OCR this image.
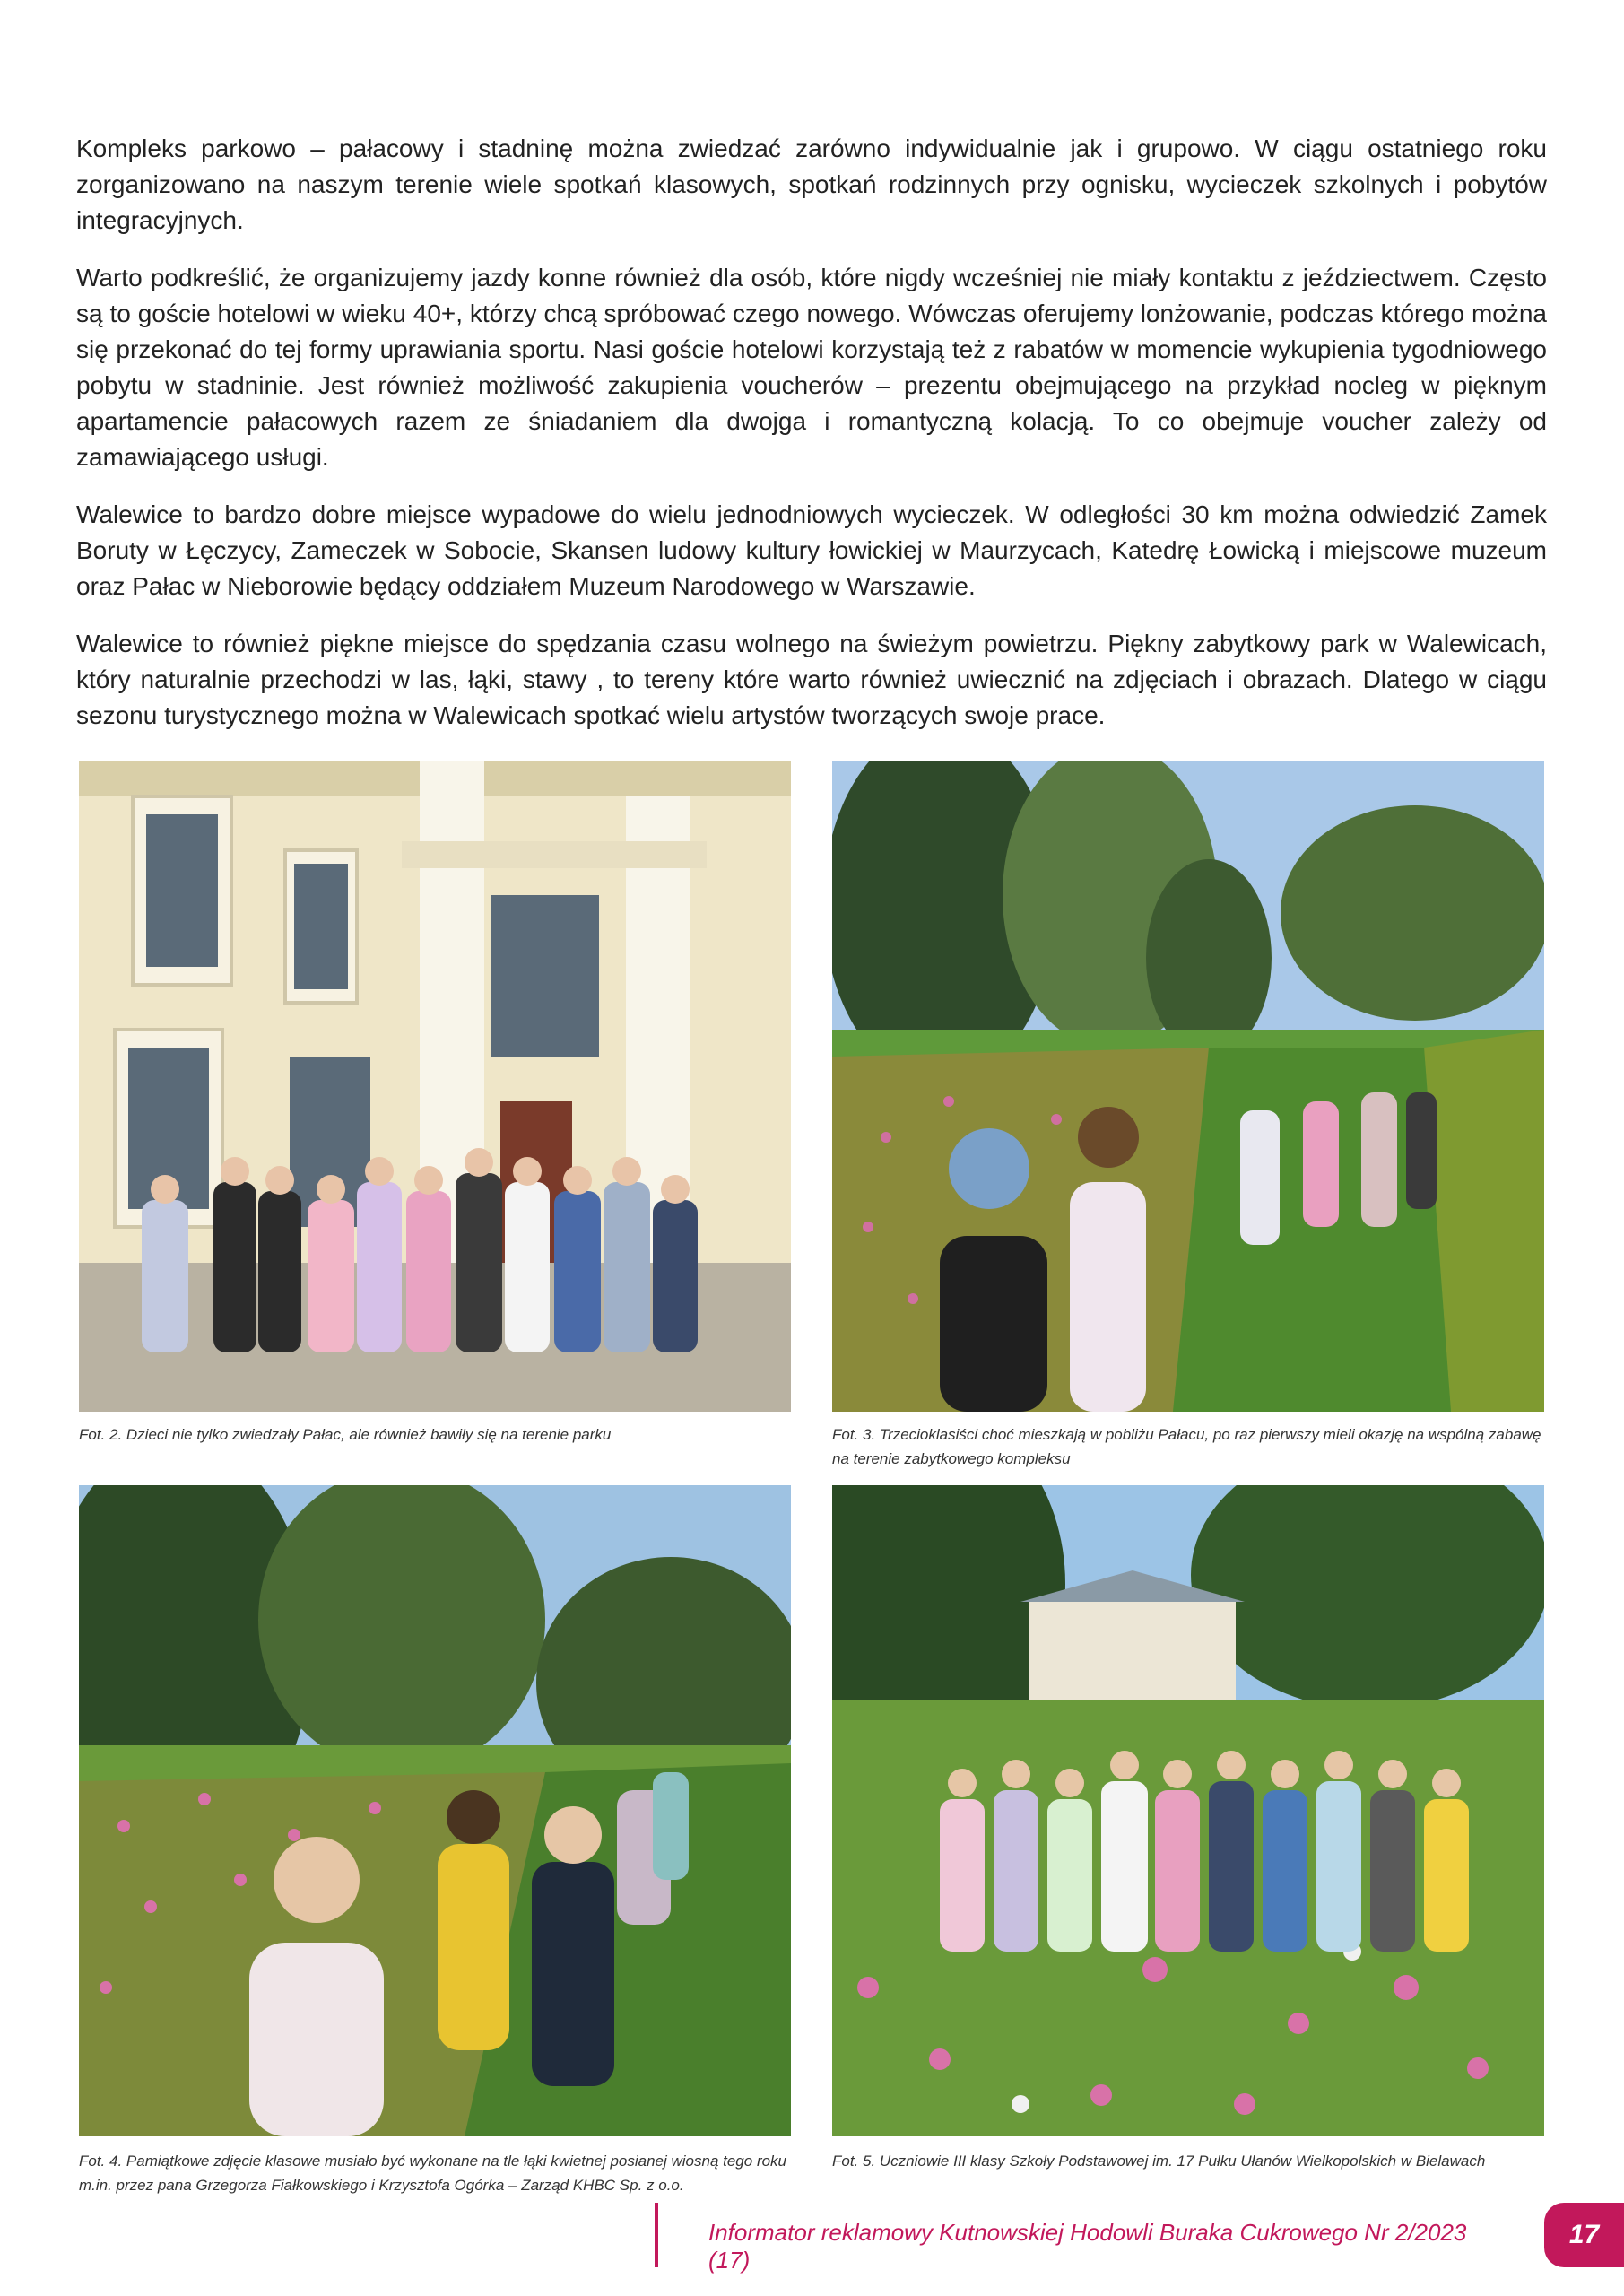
Kompleks parkowo – pałacowy i stadninę można zwiedzać zarówno indywidualnie jak i grupowo. W ciągu ostatniego roku zorganizowano na naszym terenie wiele spotkań klasowych, spotkań rodzinnych przy ognisku, wycieczek szkolnych i pobytów integracyjnych.

Warto podkreślić, że organizujemy jazdy konne również dla osób, które nigdy wcześniej nie miały kontaktu z jeździectwem. Często są to goście hotelowi w wieku 40+, którzy chcą spróbować czego nowego. Wówczas oferujemy lonżowanie, podczas którego można się przekonać do tej formy uprawiania sportu. Nasi goście hotelowi korzystają też z rabatów w momencie wykupienia tygodniowego pobytu w stadninie. Jest również możliwość zakupienia voucherów – prezentu obejmującego na przykład nocleg w pięknym apartamencie pałacowych razem ze śniadaniem dla dwojga i romantyczną kolacją. To co obejmuje voucher zależy od zamawiającego usługi.

Walewice to bardzo dobre miejsce wypadowe do wielu jednodniowych wycieczek. W odległości 30 km można odwiedzić Zamek Boruty w Łęczycy, Zameczek w Sobocie, Skansen ludowy kultury łowickiej w Maurzycach, Katedrę Łowicką i miejscowe muzeum oraz Pałac w Nieborowie będący oddziałem Muzeum Narodowego w Warszawie.

Walewice to również piękne miejsce do spędzania czasu wolnego na świeżym powietrzu. Piękny zabytkowy park w Walewicach, który naturalnie przechodzi w las, łąki, stawy , to tereny które warto również uwiecznić na zdjęciach i obrazach. Dlatego w ciągu sezonu turystycznego można w Walewicach spotkać wielu artystów tworzących swoje prace.

Fot. 2. Dzieci nie tylko zwiedzały Pałac, ale również bawiły się na terenie parku	Fot. 3. Trzecioklasiści choć mieszkają w pobliżu Pałacu, po raz pierwszy mieli okazję na wspólną zabawę na terenie zabytkowego kompleksu
Fot. 4. Pamiątkowe zdjęcie klasowe musiało być wykonane na tle łąki kwietnej posianej wiosną tego roku m.in. przez pana Grzegorza Fiałkowskiego i Krzysztofa Ogórka – Zarząd KHBC Sp. z o.o.
Fot. 5. Uczniowie III klasy Szkoły Podstawowej im. 17 Pułku Ułanów Wielkopolskich w Bielawach
Informator reklamowy Kutnowskiej Hodowli Buraka Cukrowego Nr 2/2023 (17)
17
